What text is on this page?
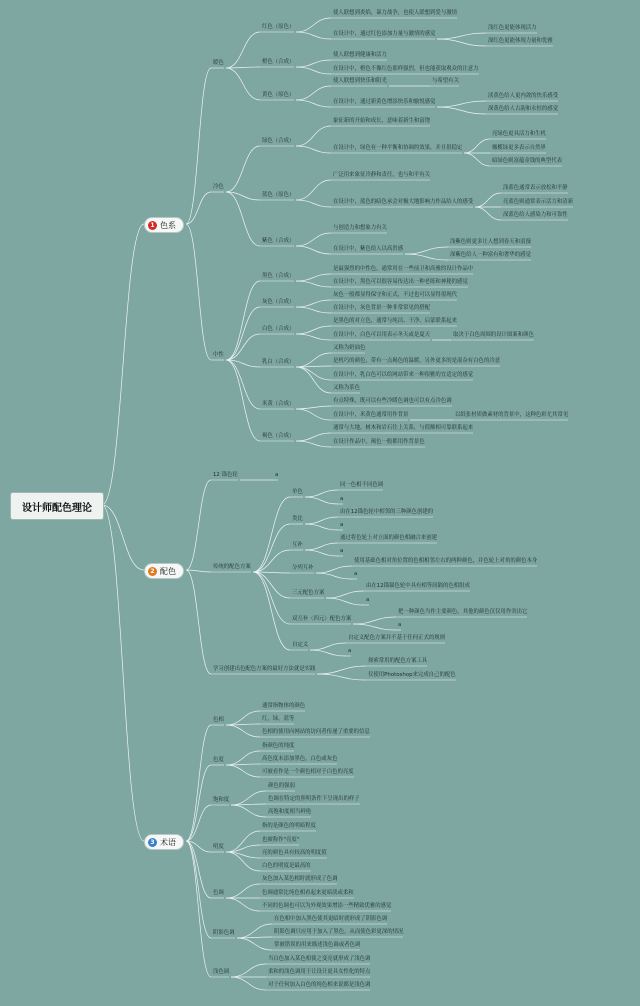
设计师配色理论
1 色系
2 配色
3 术语
暖色
红色（原色）
使人联想到炎焰，暴力战争，也使人联想到爱与激情
在设计中，通过红色添加力量与激情的感觉
浅红色更能体现活力
深红色更能体现力量和优雅
橙色（合成）
使人联想到健康和活力
在设计中，橙色不像红色那样强烈，但也能获取观众的注意力
黄色（原色）
使人联想到快乐和阳光	与希望有关
在设计中，通过新黄色增添快乐和愉悦感觉
淡黄色给人更内敛的快乐感受
深黄色给人古韵和永恒的感觉
冷色
绿色（合成）
象征新的开始和成长，意味着新生和富饶
在设计中，绿色有一种平衡和协调的效果，并且很稳定
亮绿色更具活力和生机
橄榄绿更多表示自然界
暗绿色则富蕴金钱的典型代表
蓝色（原色）
广泛用来象征冷静和责任，也与和平有关
在设计中，蓝色的暗色承会对极大地影响力作品给人的感受
浅蓝色通常表示放松和平静
亮蓝色则通常表示活力和清新
深蓝色给人感染力和可靠性
紫色（合成）
与创造力和想象力有关
在设计中，紫色给人以高贵感
浅紫色则更多让人想到春天和浪漫
深紫色给人一种富有和奢华的感觉
中性
黑色（合成）
是最强烈的中性色，通常用在一些前卫和高雅的设计作品中
在设计中，黑色可以很容易传达出一种老练和神秘的感觉
灰色（合成）
灰色一般都显得保守和正式，不过也可以显得很现代
在设计中，灰色背景一种非常常见的搭配
白色（合成）
是黑色的对立色，通常与纯洁、干净、启蒙联系起来
在设计中，白色可以用表示冬天或是夏天	取决于白色周围的设计图案和颜色
乳白（合成）
又称为奶油色
是机巧的颜色，带有一点褐色的温暖，另外更多的是湿杂有白色的冷意
在设计中，乳白色可以给网站带来一种很雅的宜适定的感觉
又称为茶色
米黄（合成）	有点特殊，既可以有些冷暖色调也可以有点冷色调
在设计中，米黄色通常用作背景	以纸张材质做素材的背景中，这种色彩尤其常见
褐色（合成）
通常与大地，树木和岩石往上关系，与值额相可靠联系起来
在设计作品中，褐色一般都用作背景色
12 锚色轮	a
传统的配色方案
单色
同一色相不同色调
a
类比
由在12锚色轮中相邻的三种颜色创建的
a
互补
通过将色轮上对立面的颜色相融合来创建
a
分列互补
使用基础色相对角位置的色相相邻左右的两种颜色，并色轮上对角的颜色本身
a
三元配色方案
由在12锚锚色轮中具有相等间隔的色相组成
a
双互补（四元）配色方案
把一种颜色当作主要颜色，其他的颜色仅仅用作突出它
a
自定义
自定义配色方案并不基于任何正式的规则
a
学习创建出色配色方案的最好方法就是实践
探索常用的配色方案工具
仅使用Photoshop来完成自己的配色
色相
通常指物体的颜色
红，绿，蓝等
色相的使用向网站的访问者传递了重要的信息
色度
指颜色的纯度
高色度未添加黑色，白色或灰色
可被看作是一个颜色相对于白色的亮度
饱和度
颜色的强弱
色调在特定的照明条件下呈现出的样子
高饱和度相当鲜艳
明度
指的是颜色的明暗程度
也被称作"亮度"
亮的颜色具有较高的明度值
白色的明度是最高的
色调
灰色加入某色相时就形成了色调
色调通常比纯色相看起来更暗淡或柔和
不同的色调也可以为外观效果增添一些精致优雅的感觉
阴影色调
在色相中加入黑色使其更暗时就形成了阴影色调
阴影色调只应用于加入了黑色，从而使色彩更深的情况
常被错误的用来描述浅色调或者色调
浅色调
当白色加入某色相使之变亮就形成了浅色调
柔和的浅色调用于让设计更具女性化的特点
对于任何加入白色的纯色相来说都是浅色调
